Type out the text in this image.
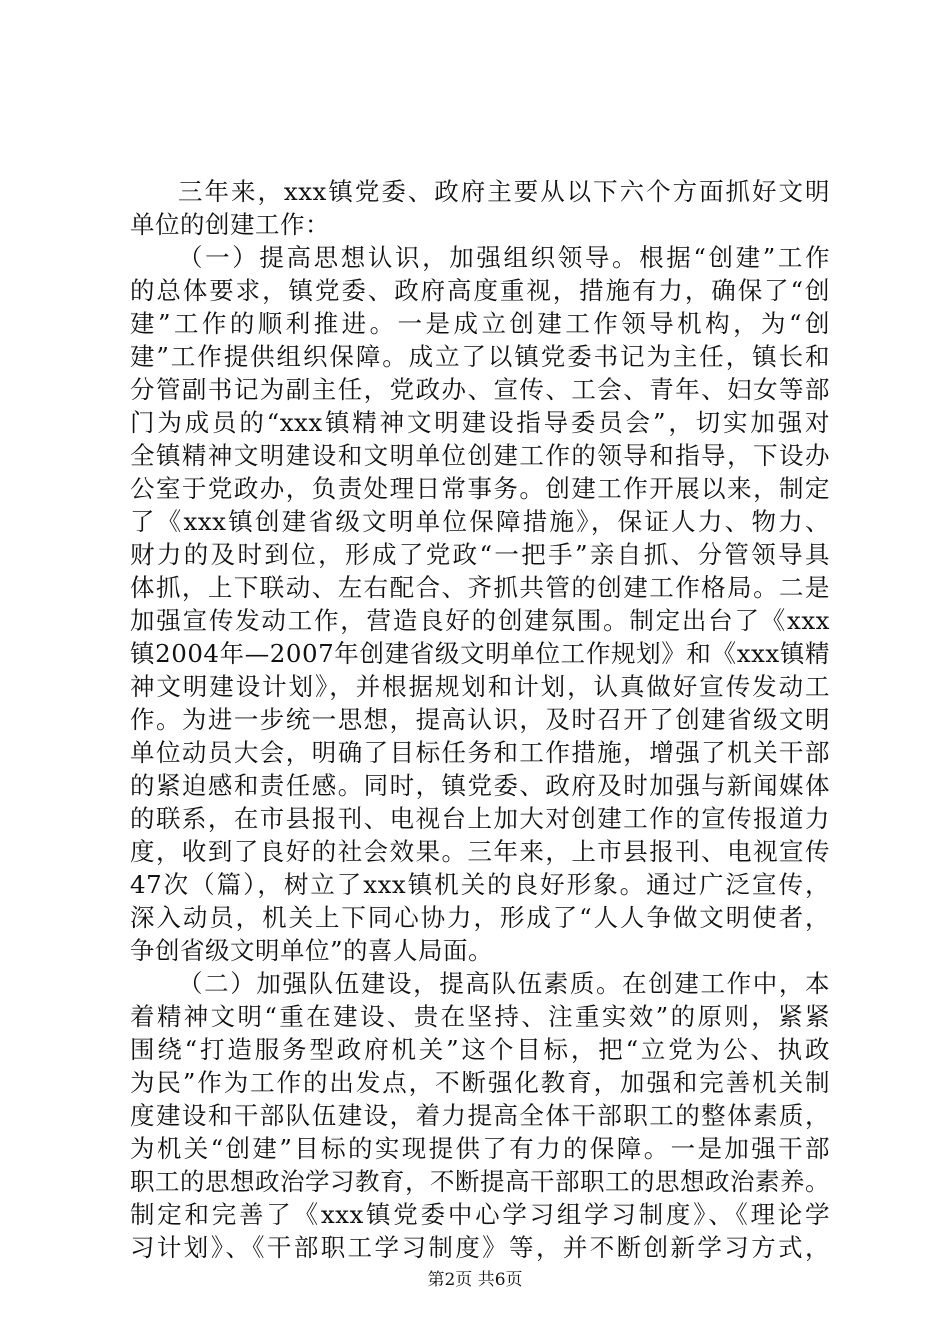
三年来，xxx镇党委、政府主要从以下六个方面抓好文明
单位的创建工作：
（一）提高思想认识，加强组织领导。根据“创建”工作
的总体要求，镇党委、政府高度重视，措施有力，确保了“创
建”工作的顺利推进。一是成立创建工作领导机构，为“创
建”工作提供组织保障。成立了以镇党委书记为主任，镇长和
分管副书记为副主任，党政办、宣传、工会、青年、妇女等部
门为成员的“xxx镇精神文明建设指导委员会”，切实加强对
全镇精神文明建设和文明单位创建工作的领导和指导，下设办
公室于党政办，负责处理日常事务。创建工作开展以来，制定
了《xxx镇创建省级文明单位保障措施》，保证人力、物力、
财力的及时到位，形成了党政“一把手”亲自抓、分管领导具
体抓，上下联动、左右配合、齐抓共管的创建工作格局。二是
加强宣传发动工作，营造良好的创建氛围。制定出台了《xxx
镇2004年—2007年创建省级文明单位工作规划》和《xxx镇精
神文明建设计划》，并根据规划和计划，认真做好宣传发动工
作。为进一步统一思想，提高认识，及时召开了创建省级文明
单位动员大会，明确了目标任务和工作措施，增强了机关干部
的紧迫感和责任感。同时，镇党委、政府及时加强与新闻媒体
的联系，在市县报刊、电视台上加大对创建工作的宣传报道力
度，收到了良好的社会效果。三年来，上市县报刊、电视宣传
47次（篇），树立了xxx镇机关的良好形象。通过广泛宣传，
深入动员，机关上下同心协力，形成了“人人争做文明使者，
争创省级文明单位”的喜人局面。
（二）加强队伍建设，提高队伍素质。在创建工作中，本
着精神文明“重在建设、贵在坚持、注重实效”的原则，紧紧
围绕“打造服务型政府机关”这个目标，把“立党为公、执政
为民”作为工作的出发点，不断强化教育，加强和完善机关制
度建设和干部队伍建设，着力提高全体干部职工的整体素质，
为机关“创建”目标的实现提供了有力的保障。一是加强干部
职工的思想政治学习教育，不断提高干部职工的思想政治素养。
制定和完善了《xxx镇党委中心学习组学习制度》、《理论学
习计划》、《干部职工学习制度》等，并不断创新学习方式，
第2页 共6页
